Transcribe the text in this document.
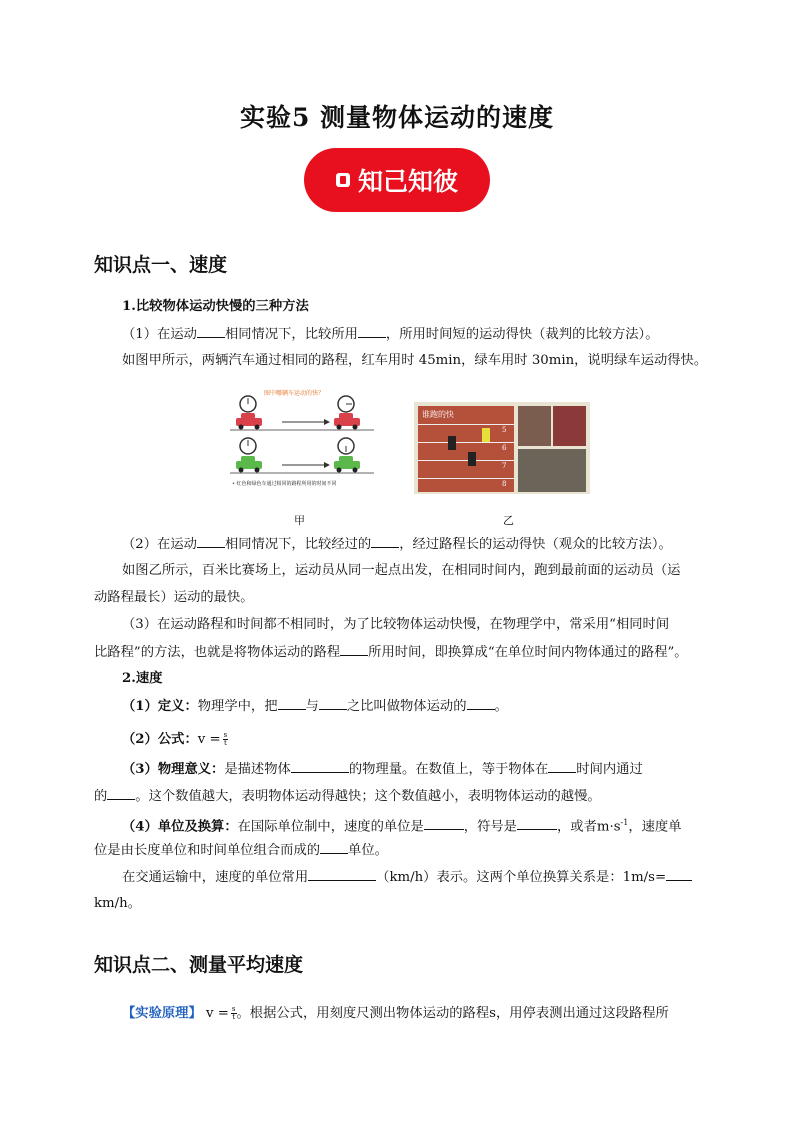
实验5 测量物体运动的速度
知己知彼
知识点一、速度
1.比较物体运动快慢的三种方法
（1）在运动 相同情况下，比较所用 ，所用时间短的运动得快（裁判的比较方法）。
如图甲所示，两辆汽车通过相同的路程，红车用时 45min，绿车用时 30min，说明绿车运动得快。
图中哪辆车运动的快？
• 红色和绿色车通过相同的路程所用的时间不同
谁跑的快
5
6
7
8
甲	乙
（2）在运动 相同情况下，比较经过的 ，经过路程长的运动得快（观众的比较方法）。
如图乙所示，百米比赛场上，运动员从同一起点出发，在相同时间内，跑到最前面的运动员（运
动路程最长）运动的最快。
（3）在运动路程和时间都不相同时，为了比较物体运动快慢，在物理学中，常采用“相同时间
比路程”的方法，也就是将物体运动的路程 所用时间，即换算成“在单位时间内物体通过的路程”。
2.速度
（1）定义：物理学中，把 与 之比叫做物体运动的 。
（2）公式：$v = \frac{s}{t}$
（3）物理意义：是描述物体	的物理量。在数值上，等于物体在 时间内通过
的 。这个数值越大，表明物体运动得越快；这个数值越小，表明物体运动的越慢。
（4）单位及换算：在国际单位制中，速度的单位是	，符号是	，或者$m\cdot s^{-1}$，速度单
位是由长度单位和时间单位组合而成的 单位。
在交通运输中，速度的单位常用	（km/h）表示。这两个单位换算关系是：1m/s=
km/h。
知识点二、测量平均速度
【实验原理】 $v = \frac{s}{t}$ 。根据公式，用刻度尺测出物体运动的路程s，用停表测出通过这段路程所
